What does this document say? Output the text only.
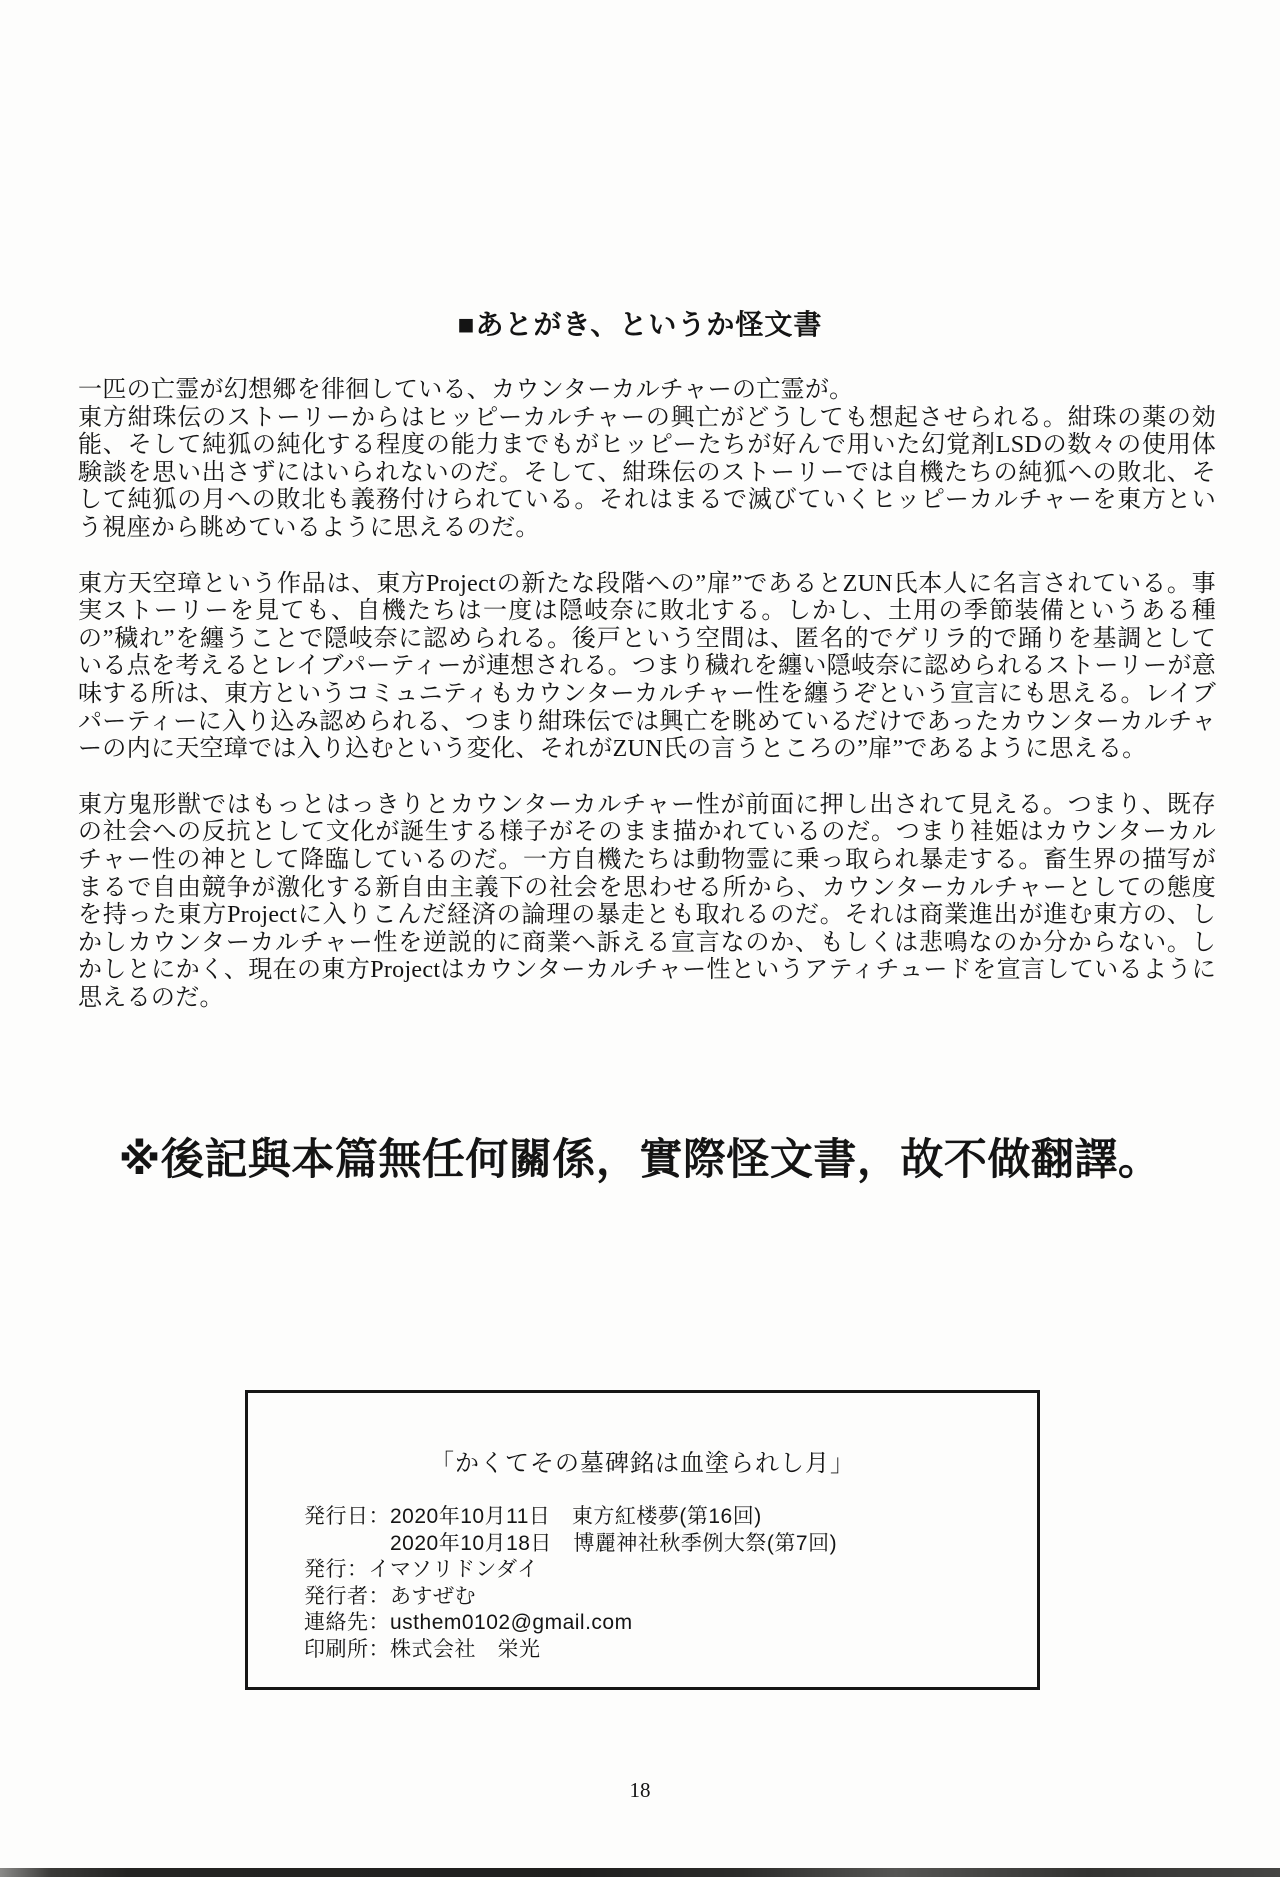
■あとがき、というか怪文書
一匹の亡霊が幻想郷を徘徊している、カウンターカルチャーの亡霊が。
東方紺珠伝のストーリーからはヒッピーカルチャーの興亡がどうしても想起させられる。紺珠の薬の効能、そして純狐の純化する程度の能力までもがヒッピーたちが好んで用いた幻覚剤LSDの数々の使用体験談を思い出さずにはいられないのだ。そして、紺珠伝のストーリーでは自機たちの純狐への敗北、そして純狐の月への敗北も義務付けられている。それはまるで滅びていくヒッピーカルチャーを東方という視座から眺めているように思えるのだ。
東方天空璋という作品は、東方Projectの新たな段階への”扉”であるとZUN氏本人に名言されている。事実ストーリーを見ても、自機たちは一度は隠岐奈に敗北する。しかし、土用の季節装備というある種の”穢れ”を纏うことで隠岐奈に認められる。後戸という空間は、匿名的でゲリラ的で踊りを基調としている点を考えるとレイブパーティーが連想される。つまり穢れを纏い隠岐奈に認められるストーリーが意味する所は、東方というコミュニティもカウンターカルチャー性を纏うぞという宣言にも思える。レイブパーティーに入り込み認められる、つまり紺珠伝では興亡を眺めているだけであったカウンターカルチャーの内に天空璋では入り込むという変化、それがZUN氏の言うところの”扉”であるように思える。
東方鬼形獣ではもっとはっきりとカウンターカルチャー性が前面に押し出されて見える。つまり、既存の社会への反抗として文化が誕生する様子がそのまま描かれているのだ。つまり袿姫はカウンターカルチャー性の神として降臨しているのだ。一方自機たちは動物霊に乗っ取られ暴走する。畜生界の描写がまるで自由競争が激化する新自由主義下の社会を思わせる所から、カウンターカルチャーとしての態度を持った東方Projectに入りこんだ経済の論理の暴走とも取れるのだ。それは商業進出が進む東方の、しかしカウンターカルチャー性を逆説的に商業へ訴える宣言なのか、もしくは悲鳴なのか分からない。しかしとにかく、現在の東方Projectはカウンターカルチャー性というアティチュードを宣言しているように思えるのだ。
※後記與本篇無任何關係，實際怪文書，故不做翻譯。
「かくてその墓碑銘は血塗られし月」
発行日：2020年10月11日　東方紅楼夢(第16回)
　　　　2020年10月18日　博麗神社秋季例大祭(第7回)
発行：イマソリドンダイ
発行者：あすぜむ
連絡先：usthem0102@gmail.com
印刷所：株式会社　栄光
18
